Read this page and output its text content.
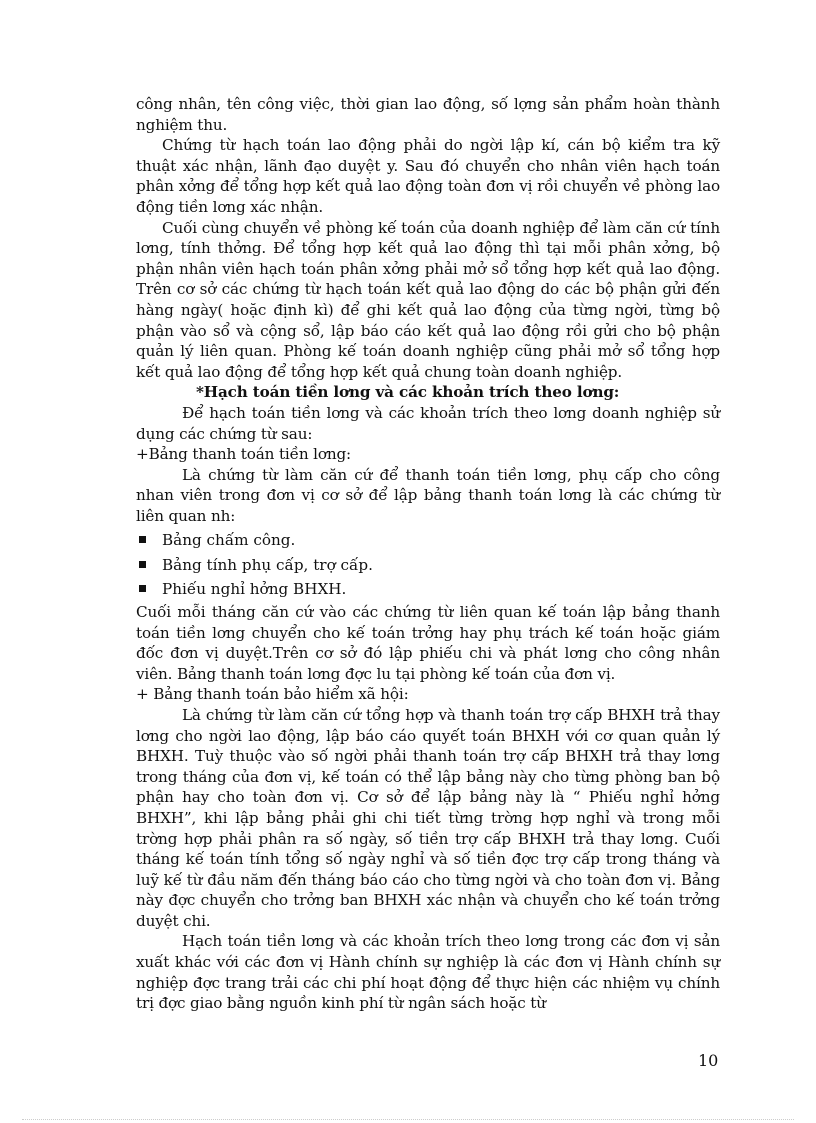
công nhân, tên công việc, thời gian lao động, số lợng sản phẩm hoàn thành nghiệm thu.

Chứng từ hạch toán lao động phải do ngời lập kí, cán bộ kiểm tra kỹ thuật xác nhận, lãnh đạo duyệt y. Sau đó chuyển cho nhân viên hạch toán phân xởng để tổng hợp kết quả lao động toàn đơn vị rồi chuyển về phòng lao động tiền lơng xác nhận.

Cuối cùng chuyển về phòng kế toán của doanh nghiệp để làm căn cứ tính lơng, tính thởng. Để tổng hợp kết quả lao động thì tại mỗi phân xởng, bộ phận nhân viên hạch toán phân xởng phải mở sổ tổng hợp kết quả lao động. Trên cơ sở các chứng từ hạch toán kết quả lao động do các bộ phận gửi đến hàng ngày( hoặc định kì) để ghi kết quả lao động của từng ngời, từng bộ phận vào sổ và cộng sổ, lập báo cáo kết quả lao động rồi gửi cho bộ phận quản lý liên quan. Phòng kế toán doanh nghiệp cũng phải mở sổ tổng hợp kết quả lao động để tổng hợp kết quả chung toàn doanh nghiệp.

*Hạch toán tiền lơng và các khoản trích theo lơng:

Để hạch toán tiền lơng và các khoản trích theo lơng doanh nghiệp sử dụng các chứng từ sau:

+Bảng thanh toán tiền lơng:

Là chứng từ làm căn cứ để thanh toán tiền lơng, phụ cấp cho công nhan viên trong đơn vị cơ sở để lập bảng thanh toán lơng là các chứng từ liên quan nh:

Bảng chấm công.
Bảng tính phụ cấp, trợ cấp.
Phiếu nghỉ hởng BHXH.

Cuối mỗi tháng căn cứ vào các chứng từ liên quan kế toán lập bảng thanh toán tiền lơng chuyển cho kế toán trởng hay phụ trách kế toán hoặc giám đốc đơn vị duyệt.Trên cơ sở đó lập phiếu chi và phát lơng cho công nhân viên. Bảng thanh toán lơng đợc lu tại phòng kế toán của đơn vị.

+ Bảng thanh toán bảo hiểm xã hội:

Là chứng từ làm căn cứ tổng hợp và thanh toán trợ cấp BHXH trả thay lơng cho ngời lao động, lập báo cáo quyết toán BHXH với cơ quan quản lý BHXH. Tuỳ thuộc vào số ngời phải thanh toán trợ cấp BHXH trả thay lơng trong tháng của đơn vị, kế toán có thể lập bảng này cho từng phòng ban bộ phận hay cho toàn đơn vị. Cơ sở để lập bảng này là “ Phiếu nghỉ hởng BHXH”, khi lập bảng phải ghi chi tiết từng trờng hợp nghỉ và trong mỗi trờng hợp phải phân ra số ngày, số tiền trợ cấp BHXH trả thay lơng. Cuối tháng kế toán tính tổng số ngày nghỉ và số tiền đợc trợ cấp trong tháng và luỹ kế từ đầu năm đến tháng báo cáo cho từng ngời và cho toàn đơn vị. Bảng này đợc chuyển cho trởng ban BHXH xác nhận và chuyển cho kế toán trởng duyệt chi.

Hạch toán tiền lơng và các khoản trích theo lơng trong các đơn vị sản xuất khác với các đơn vị Hành chính sự nghiệp là các đơn vị Hành chính sự nghiệp đợc trang trải các chi phí hoạt động để thực hiện các nhiệm vụ chính trị đợc giao bằng nguồn kinh phí từ ngân sách hoặc từ

10
